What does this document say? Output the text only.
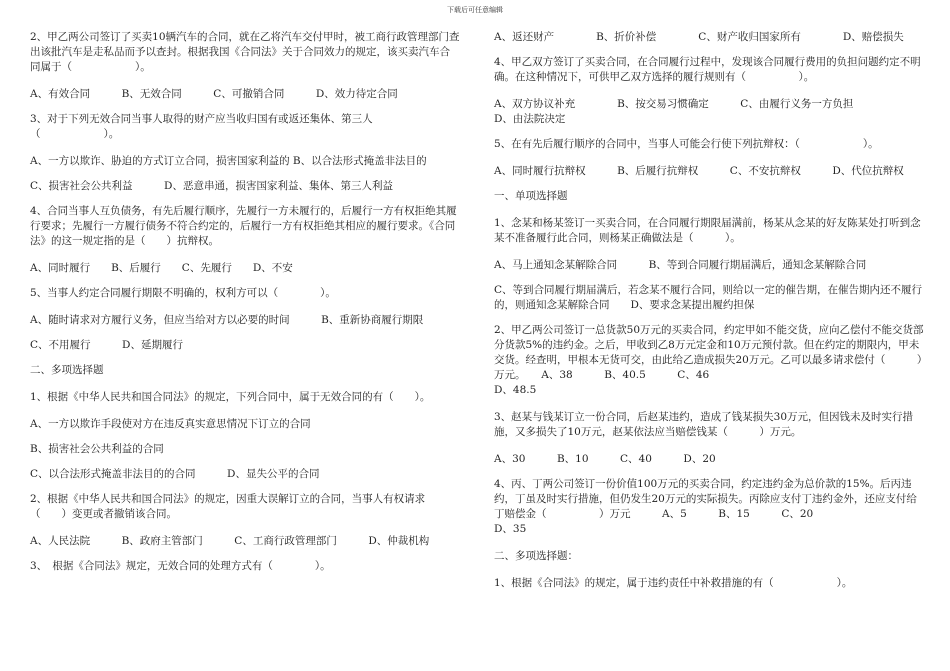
下载后可任意编辑

2、甲乙两公司签订了买卖10辆汽车的合同，就在乙将汽车交付甲时，被工商行政管理部门查出该批汽车是走私品而予以查封。根据我国《合同法》关于合同效力的规定，该买卖汽车合同属于（　　　　　　）。

A、有效合同　　　B、无效合同　　　C、可撤销合同　　　D、效力待定合同

3、对于下列无效合同当事人取得的财产应当收归国有或返还集体、第三人（　　　　　　）。

A、一方以欺诈、胁迫的方式订立合同，损害国家利益的 B、以合法形式掩盖非法目的

C、损害社会公共利益　　　D、恶意串通，损害国家利益、集体、第三人利益

4、合同当事人互负债务，有先后履行顺序，先履行一方未履行的，后履行一方有权拒绝其履行要求；先履行一方履行债务不符合约定的，后履行一方有权拒绝其相应的履行要求。《合同法》的这一规定指的是（　　）抗辩权。

A、同时履行　　B、后履行　　C、先履行　　D、不安

5、当事人约定合同履行期限不明确的，权利方可以（　　　　）。

A、随时请求对方履行义务，但应当给对方以必要的时间　　　B、重新协商履行期限

C、不用履行　　　D、延期履行

二、多项选择题

1、根据《中华人民共和国合同法》的规定，下列合同中，属于无效合同的有（　　）。

A、一方以欺诈手段使对方在违反真实意思情况下订立的合同

B、损害社会公共利益的合同

C、以合法形式掩盖非法目的的合同　　　D、显失公平的合同

2、根据《中华人民共和国合同法》的规定，因重大误解订立的合同，当事人有权请求（　　）变更或者撤销该合同。

A、人民法院　　　B、政府主管部门　　　C、工商行政管理部门　　　D、仲裁机构

3、　根据《合同法》规定，无效合同的处理方式有（　　　　）。

A、返还财产　　　　B、折价补偿　　　　C、财产收归国家所有　　　　D、赔偿损失

4、甲乙双方签订了买卖合同，在合同履行过程中，发现该合同履行费用的负担问题约定不明确。在这种情况下，可供甲乙双方选择的履行规则有（　　　　　）。

A、双方协议补充　　　　B、按交易习惯确定　　　C、由履行义务一方负担
D、由法院决定

5、在有先后履行顺序的合同中，当事人可能会行使下列抗辩权：（　　　　　　）。

A、同时履行抗辩权　　　B、后履行抗辩权　　　C、不安抗辩权　　　D、代位抗辩权

一、单项选择题

1、念某和杨某签订一买卖合同，在合同履行期限届满前，杨某从念某的好友陈某处打听到念某不准备履行此合同，则杨某正确做法是（　　　）。

A、马上通知念某解除合同　　　B、等到合同履行期届满后，通知念某解除合同

C、等到合同履行期届满后，若念某不履行合同，则给以一定的催告期，在催告期内还不履行的，则通知念某解除合同　　D、要求念某提出履约担保

2、甲乙两公司签订一总货款50万元的买卖合同，约定甲如不能交货，应向乙偿付不能交货部分货款5%的违约金。之后，甲收到乙8万元定金和10万元预付款。但在约定的期限内，甲未交货。经查明，甲根本无货可交，由此给乙造成损失20万元。乙可以最多请求偿付（　　　）万元。　　A、38　　　B、40.5　　　C、46
D、48.5

3、赵某与钱某订立一份合同，后赵某违约，造成了钱某损失30万元，但因钱未及时实行措施，又多损失了10万元，赵某依法应当赔偿钱某（　　　）万元。

A、30　　　B、10　　　C、40　　　D、20

4、丙、丁两公司签订一份价值100万元的买卖合同，约定违约金为总价款的15%。后丙违约，丁虽及时实行措施，但仍发生20万元的实际损失。丙除应支付丁违约金外，还应支付给丁赔偿金（　　　　　）万元　　　A、5　　　B、15　　　C、20
D、35

二、多项选择题：

1、根据《合同法》的规定，属于违约责任中补救措施的有（　　　　　　）。
